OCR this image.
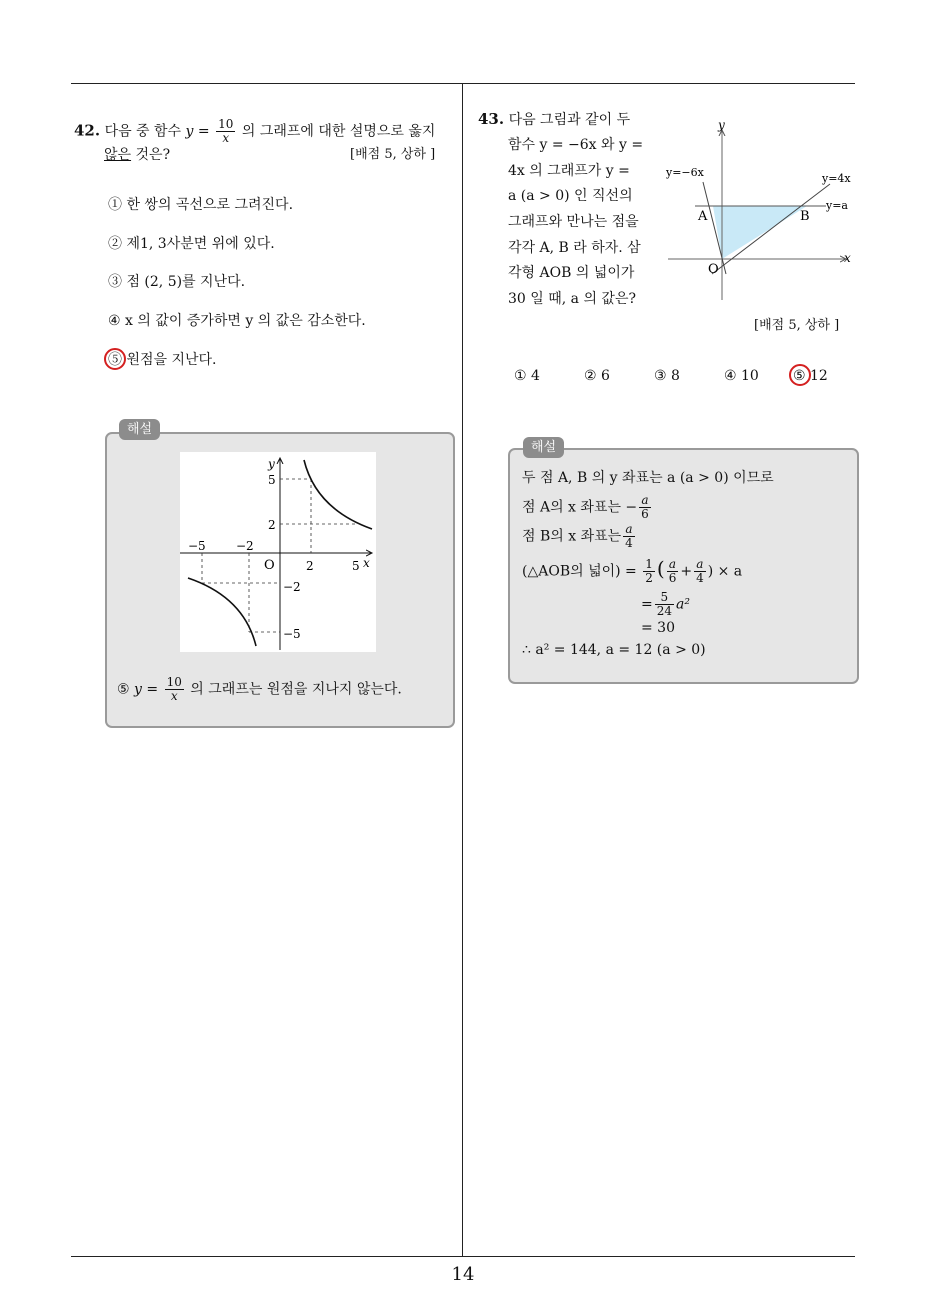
14
42. 다음 중 함수 $y = \frac{10}{x}$ 의 그래프에 대한 설명으로 옳지
않은 것은?	[배점 5, 상하 ]
① 한 쌍의 곡선으로 그려진다.
② 제1, 3사분면 위에 있다.
③ 점 (2, 5)를 지난다.
④ x 의 값이 증가하면 y 의 값은 감소한다.
⑤ 원점을 지난다.
해설
y
x
O
5
2
−2
−5
−5	−2
2	5
⑤ $y = \frac{10}{x}$ 의 그래프는 원점을 지나지 않는다.
43. 다음 그림과 같이 두
함수 y = −6x 와 y =
4x 의 그래프가 y =
a (a > 0) 인 직선의
그래프와 만나는 점을
각각 A, B 라 하자. 삼
각형 AOB 의 넓이가
30 일 때, a 의 값은?
y
x
O
y=−6x	y=4x
y=a
A	B
[배점 5, 상하 ]
① 4	② 6	③ 8	④ 10 ⑤ 12
해설
두 점 A, B 의 y 좌표는 a (a > 0) 이므로
점 A의 x 좌표는 − $\frac{a}{6}$
점 B의 x 좌표는 $\frac{a}{4}$
(△AOB의 넓이) = $\frac{1}{2}$ ( $\frac{a}{6} + \frac{a}{4}$ ) × a
= $\frac{5}{24} a^2$
= 30
∴ a² = 144, a = 12 (a > 0)
